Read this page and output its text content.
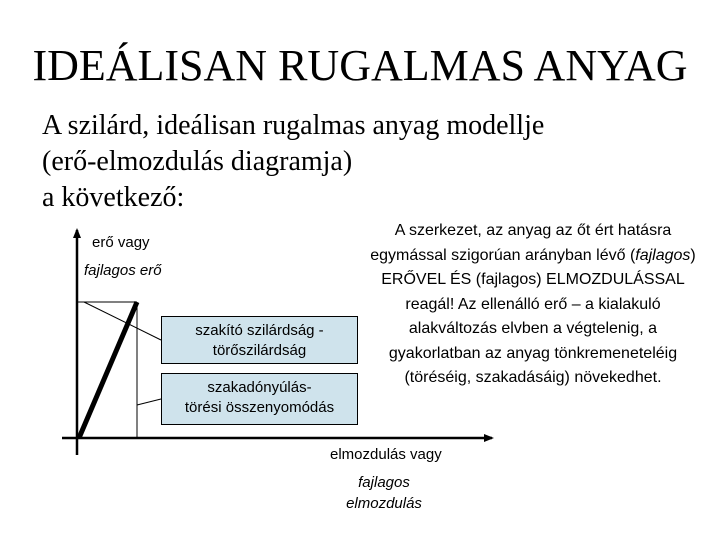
IDEÁLISAN RUGALMAS ANYAG
A szilárd, ideálisan rugalmas anyag modellje
(erő-elmozdulás diagramja)
a következő:
erő vagy
fajlagos erő
szakító szilárdság -
törőszilárdság
szakadónyúlás-
törési összenyomódás
elmozdulás vagy
fajlagos
elmozdulás
A szerkezet, az anyag az őt ért hatásra egymással szigorúan arányban lévő (fajlagos) ERŐVEL ÉS (fajlagos) ELMOZDULÁSSAL reagál! Az ellenálló erő – a kialakuló alakváltozás elvben a végtelenig, a gyakorlatban az anyag tönkremeneteléig (töréséig, szakadásáig) növekedhet.
